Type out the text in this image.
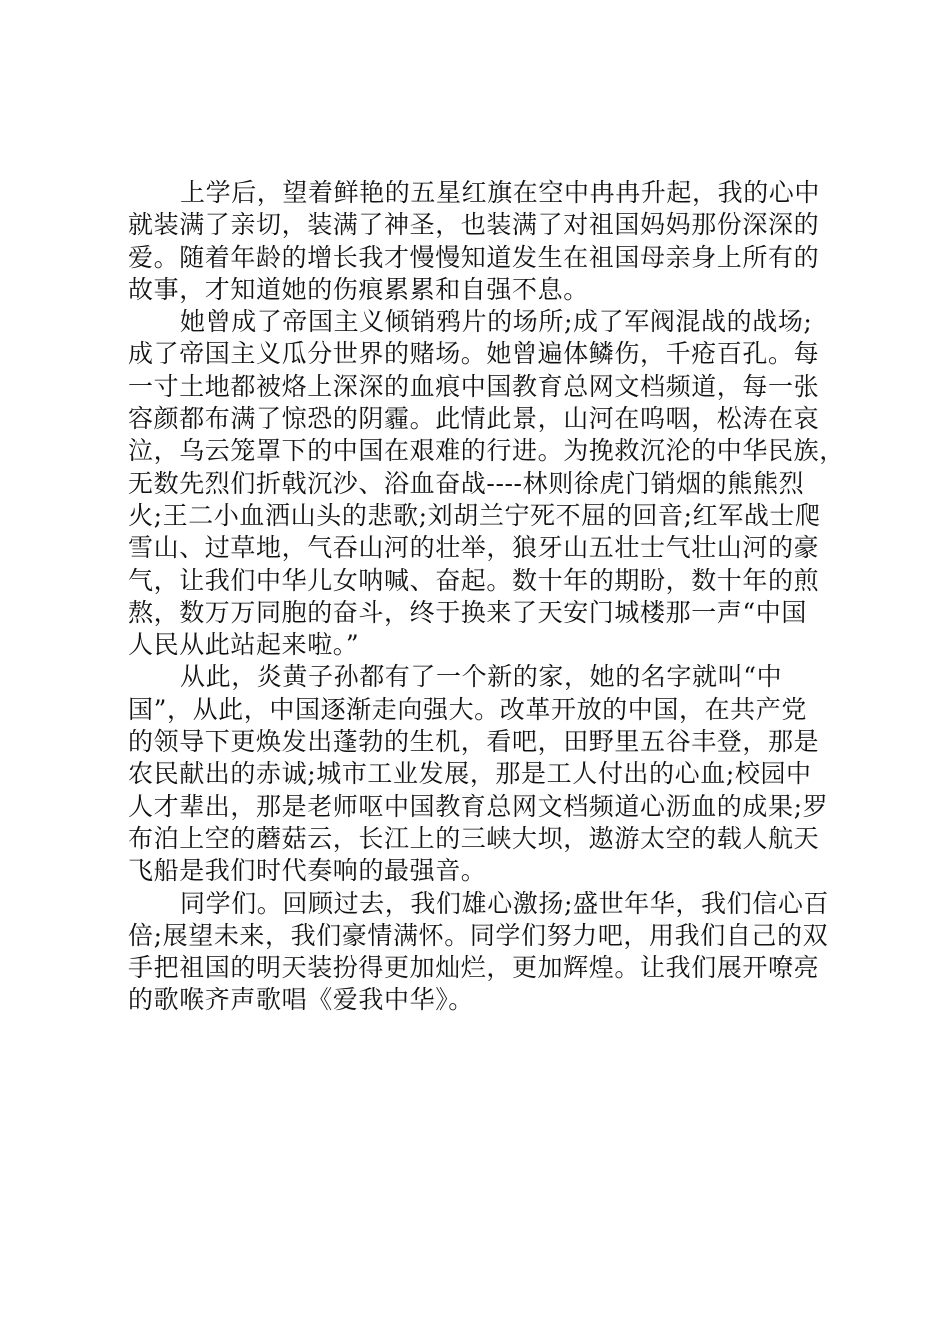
上学后，望着鲜艳的五星红旗在空中冉冉升起，我的心中
就装满了亲切，装满了神圣，也装满了对祖国妈妈那份深深的
爱。随着年龄的增长我才慢慢知道发生在祖国母亲身上所有的
故事，才知道她的伤痕累累和自强不息。

她曾成了帝国主义倾销鸦片的场所;成了军阀混战的战场;
成了帝国主义瓜分世界的赌场。她曾遍体鳞伤，千疮百孔。每
一寸土地都被烙上深深的血痕中国教育总网文档频道，每一张
容颜都布满了惊恐的阴霾。此情此景，山河在呜咽，松涛在哀
泣，乌云笼罩下的中国在艰难的行进。为挽救沉沦的中华民族，
无数先烈们折戟沉沙、浴血奋战----林则徐虎门销烟的熊熊烈
火;王二小血洒山头的悲歌;刘胡兰宁死不屈的回音;红军战士爬
雪山、过草地，气吞山河的壮举，狼牙山五壮士气壮山河的豪
气，让我们中华儿女呐喊、奋起。数十年的期盼，数十年的煎
熬，数万万同胞的奋斗，终于换来了天安门城楼那一声“中国
人民从此站起来啦。”

从此，炎黄子孙都有了一个新的家，她的名字就叫“中
国”，从此，中国逐渐走向强大。改革开放的中国，在共产党
的领导下更焕发出蓬勃的生机，看吧，田野里五谷丰登，那是
农民献出的赤诚;城市工业发展，那是工人付出的心血;校园中
人才辈出，那是老师呕中国教育总网文档频道心沥血的成果;罗
布泊上空的蘑菇云，长江上的三峡大坝，遨游太空的载人航天
飞船是我们时代奏响的最强音。

同学们。回顾过去，我们雄心激扬;盛世年华，我们信心百
倍;展望未来，我们豪情满怀。同学们努力吧，用我们自己的双
手把祖国的明天装扮得更加灿烂，更加辉煌。让我们展开嘹亮
的歌喉齐声歌唱《爱我中华》。
